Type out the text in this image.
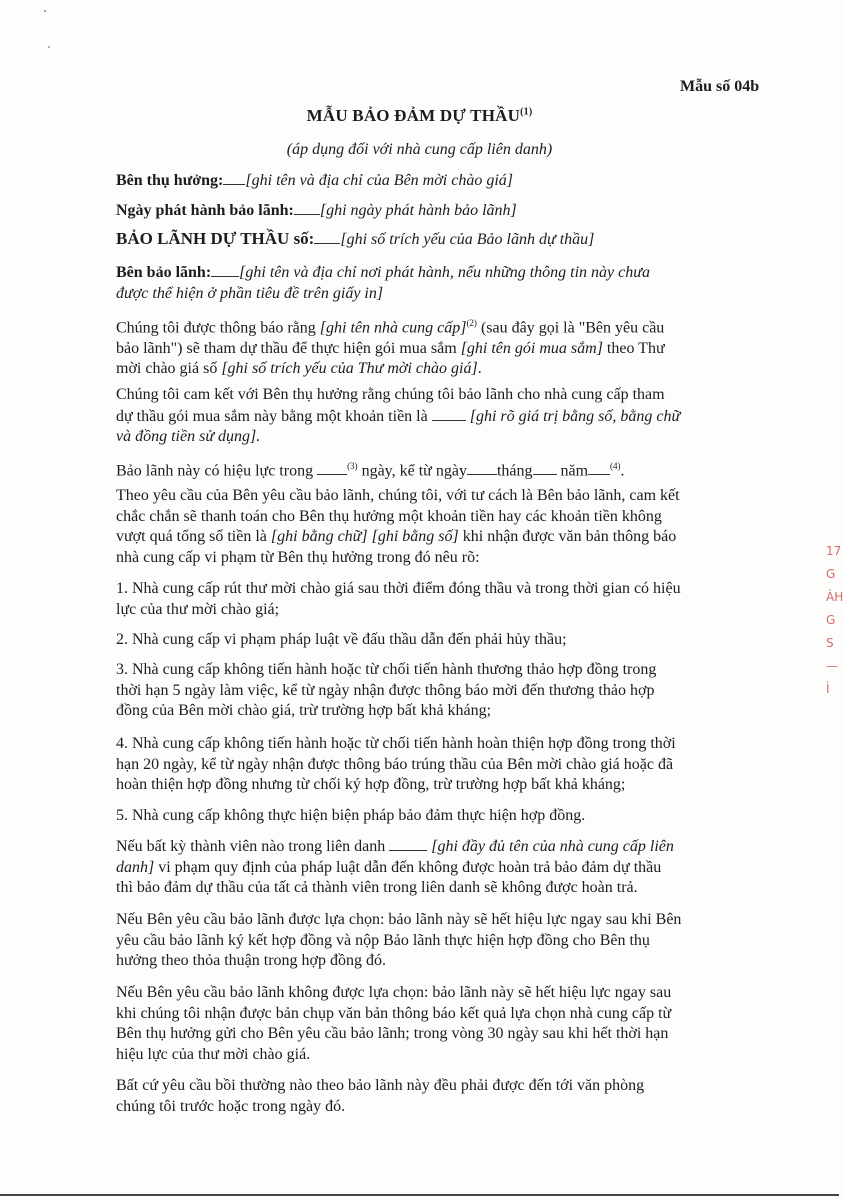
Mẫu số 04b
MẪU BẢO ĐẢM DỰ THẦU$^{(1)}$
(áp dụng đối với nhà cung cấp liên danh)

Bên thụ hưởng: [ghi tên và địa chỉ của Bên mời chào giá]

Ngày phát hành bảo lãnh: [ghi ngày phát hành bảo lãnh]

BẢO LÃNH DỰ THẦU số: [ghi số trích yếu của Bảo lãnh dự thầu]

Bên bảo lãnh: [ghi tên và địa chỉ nơi phát hành, nếu những thông tin này chưa
được thể hiện ở phần tiêu đề trên giấy in]

Chúng tôi được thông báo rằng [ghi tên nhà cung cấp]$^{(2)}$ (sau đây gọi là "Bên yêu cầu
bảo lãnh") sẽ tham dự thầu để thực hiện gói mua sắm [ghi tên gói mua sắm] theo Thư
mời chào giá số [ghi số trích yếu của Thư mời chào giá].

Chúng tôi cam kết với Bên thụ hưởng rằng chúng tôi bảo lãnh cho nhà cung cấp tham
dự thầu gói mua sắm này bằng một khoản tiền là  [ghi rõ giá trị bằng số, bằng chữ
và đồng tiền sử dụng].

Bảo lãnh này có hiệu lực trong	$^{(3)}$ ngày, kể từ ngày tháng năm $^{(4)}$.

Theo yêu cầu của Bên yêu cầu bảo lãnh, chúng tôi, với tư cách là Bên bảo lãnh, cam kết
chắc chắn sẽ thanh toán cho Bên thụ hưởng một khoản tiền hay các khoản tiền không
vượt quá tổng số tiền là [ghi bằng chữ] [ghi bằng số] khi nhận được văn bản thông báo
nhà cung cấp vi phạm từ Bên thụ hưởng trong đó nêu rõ:

1. Nhà cung cấp rút thư mời chào giá sau thời điểm đóng thầu và trong thời gian có hiệu
lực của thư mời chào giá;

2. Nhà cung cấp vi phạm pháp luật về đấu thầu dẫn đến phải hủy thầu;

3. Nhà cung cấp không tiến hành hoặc từ chối tiến hành thương thảo hợp đồng trong
thời hạn 5 ngày làm việc, kể từ ngày nhận được thông báo mời đến thương thảo hợp
đồng của Bên mời chào giá, trừ trường hợp bất khả kháng;

4. Nhà cung cấp không tiến hành hoặc từ chối tiến hành hoàn thiện hợp đồng trong thời
hạn 20 ngày, kể từ ngày nhận được thông báo trúng thầu của Bên mời chào giá hoặc đã
hoàn thiện hợp đồng nhưng từ chối ký hợp đồng, trừ trường hợp bất khả kháng;

5. Nhà cung cấp không thực hiện biện pháp bảo đảm thực hiện hợp đồng.

Nếu bất kỳ thành viên nào trong liên danh	[ghi đầy đủ tên của nhà cung cấp liên
danh] vi phạm quy định của pháp luật dẫn đến không được hoàn trả bảo đảm dự thầu
thì bảo đảm dự thầu của tất cả thành viên trong liên danh sẽ không được hoàn trả.

Nếu Bên yêu cầu bảo lãnh được lựa chọn: bảo lãnh này sẽ hết hiệu lực ngay sau khi Bên
yêu cầu bảo lãnh ký kết hợp đồng và nộp Bảo lãnh thực hiện hợp đồng cho Bên thụ
hưởng theo thỏa thuận trong hợp đồng đó.

Nếu Bên yêu cầu bảo lãnh không được lựa chọn: bảo lãnh này sẽ hết hiệu lực ngay sau
khi chúng tôi nhận được bản chụp văn bản thông báo kết quả lựa chọn nhà cung cấp từ
Bên thụ hưởng gửi cho Bên yêu cầu bảo lãnh; trong vòng 30 ngày sau khi hết thời hạn
hiệu lực của thư mời chào giá.

Bất cứ yêu cầu bồi thường nào theo bảo lãnh này đều phải được đến tới văn phòng
chúng tôi trước hoặc trong ngày đó.

17
G
ÀH
G
S
—
Ì
